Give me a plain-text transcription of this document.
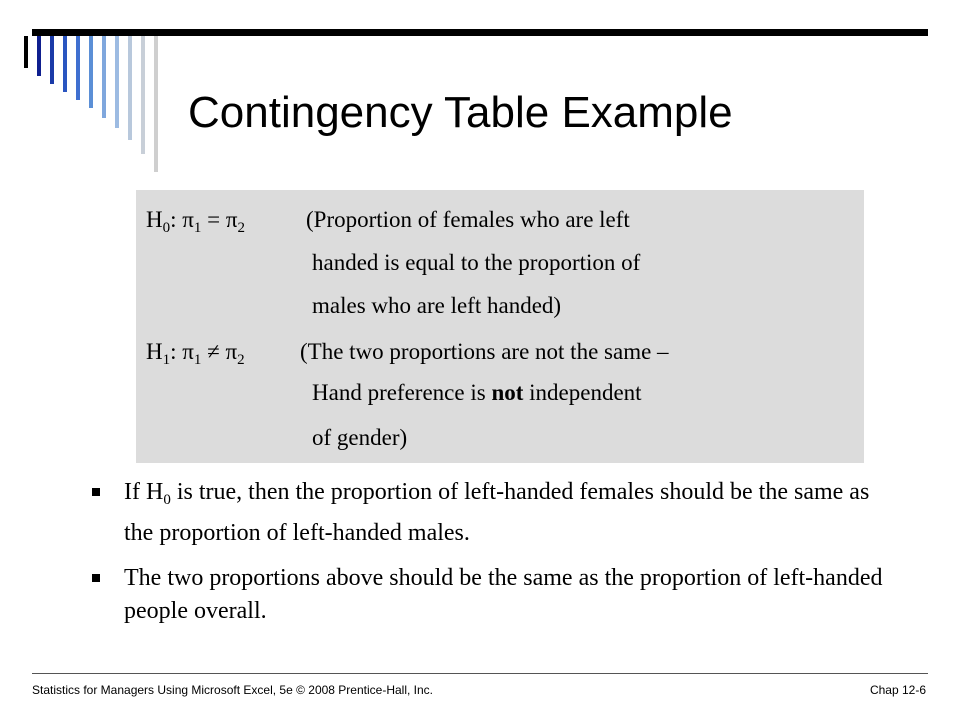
Contingency Table Example
$H_0$: $\pi_1 = \pi_2$	(Proportion of females who are left
handed is equal to the proportion of
males who are left handed)
$H_1$: $\pi_1 \ne \pi_2$ (The two proportions are not the same –
Hand preference is not independent
of gender)
If $H_0$ is true, then the proportion of left-handed females should be the same as the proportion of left-handed males.
The two proportions above should be the same as the proportion of left-handed people overall.
Statistics for Managers Using Microsoft Excel, 5e © 2008 Prentice-Hall, Inc.	Chap 12-6
